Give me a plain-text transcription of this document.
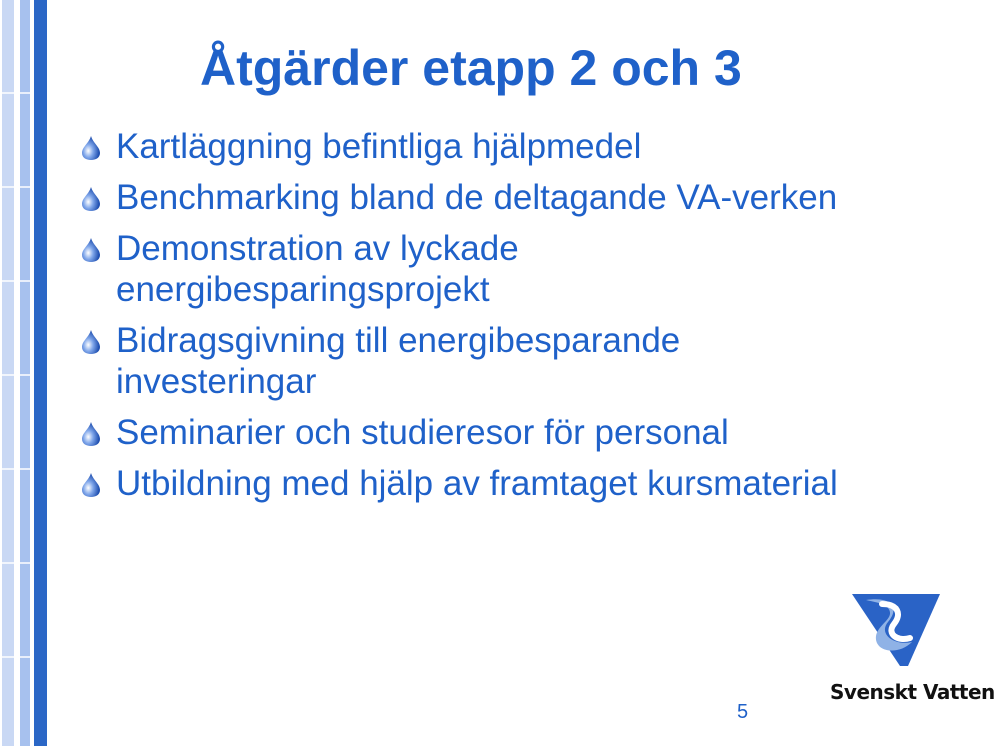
Åtgärder etapp 2 och 3
Kartläggning befintliga hjälpmedel
Benchmarking bland de deltagande VA-verken
Demonstration av lyckade energibesparingsprojekt
Bidragsgivning till energibesparande investeringar
Seminarier och studieresor för personal
Utbildning med hjälp av framtaget kursmaterial
Svenskt Vatten
5
